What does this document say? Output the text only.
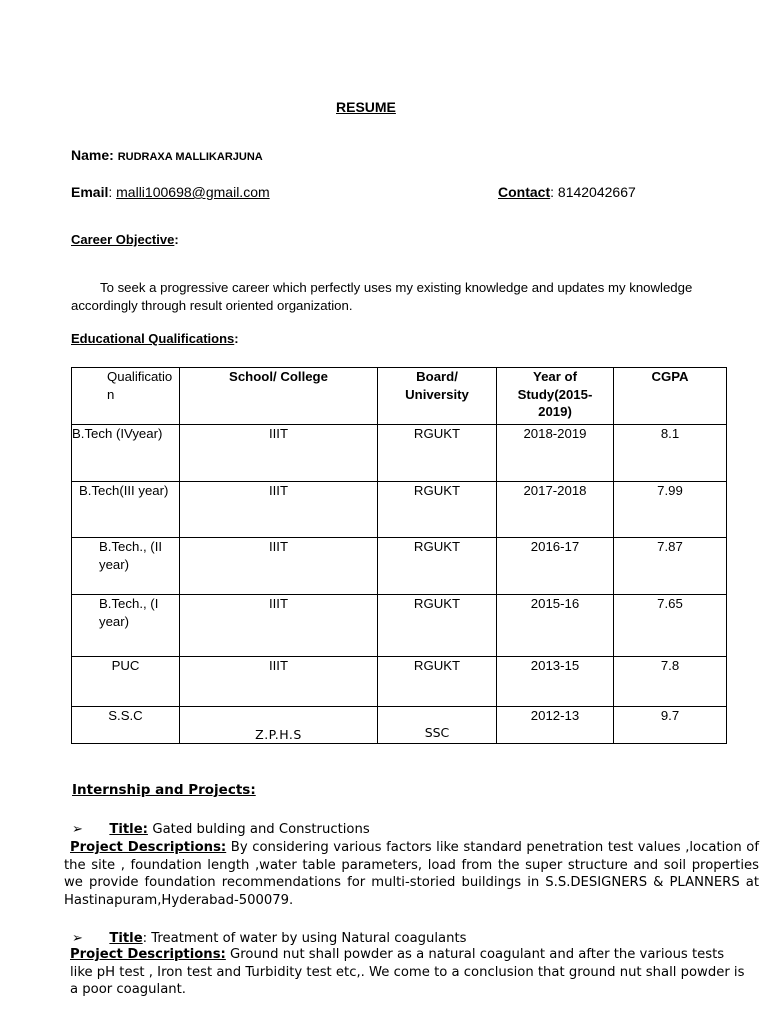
RESUME
Name: RUDRAXA MALLIKARJUNA
Email: malli100698@gmail.com	Contact: 8142042667
Career Objective:
To seek a progressive career which perfectly uses my existing knowledge and updates my knowledge accordingly through result oriented organization.
Educational Qualifications:
Qualification	School/ College	Board/ University	Year of Study(2015-2019)	CGPA
B.Tech (IVyear)	IIIT	RGUKT	2018-2019	8.1
B.Tech(III year)	IIIT	RGUKT	2017-2018	7.99
B.Tech., (II year)	IIIT	RGUKT	2016-17	7.87
B.Tech., (I year)	IIIT	RGUKT	2015-16	7.65
PUC	IIIT	RGUKT	2013-15	7.8
S.S.C	Z.P.H.S	SSC	2012-13	9.7
Internship and Projects:
➢ Title: Gated bulding and Constructions
Project Descriptions: By considering various factors like standard penetration test values ,location of the site , foundation length ,water table parameters, load from the super structure and soil properties we provide foundation recommendations for multi-storied buildings in S.S.DESIGNERS & PLANNERS at Hastinapuram,Hyderabad-500079.
➢ Title: Treatment of water by using Natural coagulants
Project Descriptions: Ground nut shall powder as a natural coagulant and after the various tests like pH test , Iron test and Turbidity test etc,. We come to a conclusion that ground nut shall powder is a poor coagulant.
